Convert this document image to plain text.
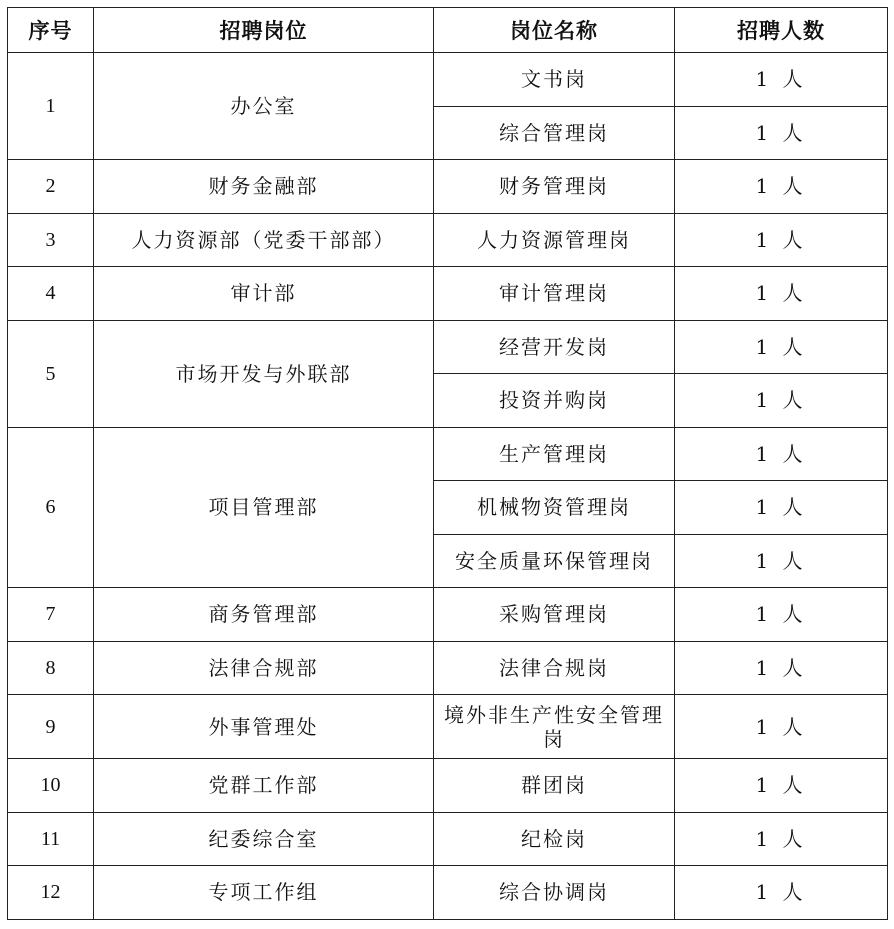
序号	招聘岗位	岗位名称	招聘人数
1	办公室	文书岗	1 人
		综合管理岗	1 人
2	财务金融部	财务管理岗	1 人
3	人力资源部（党委干部部）	人力资源管理岗	1 人
4	审计部	审计管理岗	1 人
5	市场开发与外联部	经营开发岗	1 人
		投资并购岗	1 人
6	项目管理部	生产管理岗	1 人
		机械物资管理岗	1 人
		安全质量环保管理岗	1 人
7	商务管理部	采购管理岗	1 人
8	法律合规部	法律合规岗	1 人
9	外事管理处	境外非生产性安全管理岗	1 人
10	党群工作部	群团岗	1 人
11	纪委综合室	纪检岗	1 人
12	专项工作组	综合协调岗	1 人
